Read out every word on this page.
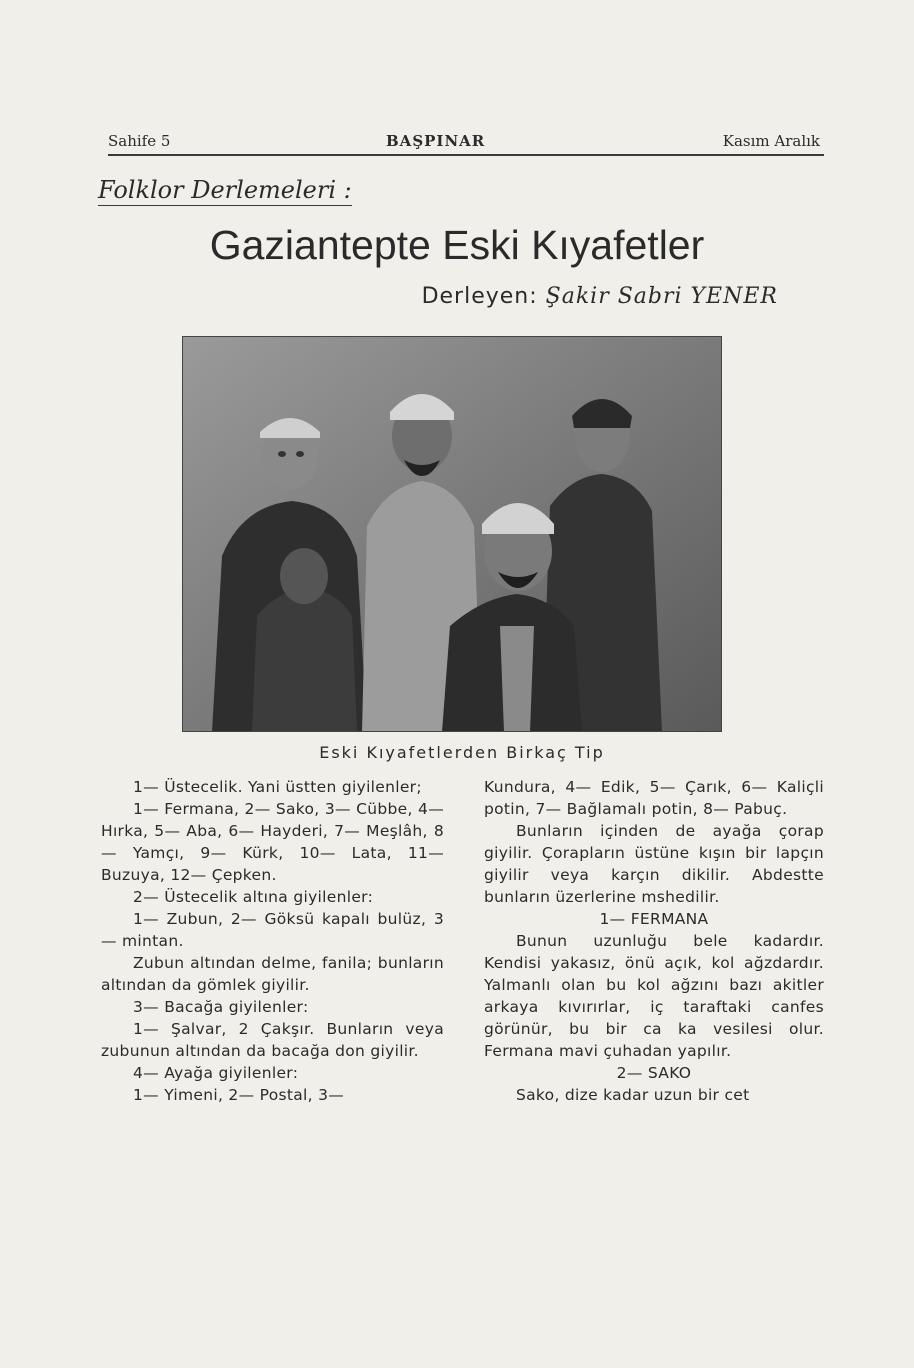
Sahife 5	BAŞPINAR	Kasım Aralık
Folklor Derlemeleri :
Gaziantepte Eski Kıyafetler
Derleyen: Şakir Sabri YENER
Eski Kıyafetlerden Birkaç Tip

1— Üstecelik. Yani üstten giyilenler;

1— Fermana, 2— Sako, 3— Cübbe, 4— Hırka, 5— Aba, 6— Hayderi, 7— Meşlâh, 8— Yamçı, 9— Kürk, 10— Lata, 11— Buzuya, 12— Çepken.

2— Üstecelik altına giyilenler:

1— Zubun, 2— Göksü kapalı bulüz, 3— mintan.

Zubun altından delme, fanila; bunların altından da gömlek giyilir.

3— Bacağa giyilenler:

1— Şalvar, 2 Çakşır. Bunların veya zubunun altından da bacağa don giyilir.

4— Ayağa giyilenler:

1— Yimeni, 2— Postal, 3—

Kundura, 4— Edik, 5— Çarık, 6— Kaliçli potin, 7— Bağlamalı potin, 8— Pabuç.

Bunların içinden de ayağa çorap giyilir. Çorapların üstüne kışın bir lapçın giyilir veya karçın dikilir. Abdestte bunların üzerlerine mshedilir.

1— FERMANA

Bunun uzunluğu bele kadardır. Kendisi yakasız, önü açık, kol ağzdardır. Yalmanlı olan bu kol ağzını bazı akitler arkaya kıvırırlar, iç taraftaki canfes görünür, bu bir ca ka vesilesi olur. Fermana mavi çuhadan yapılır.

2— SAKO

Sako, dize kadar uzun bir cet
